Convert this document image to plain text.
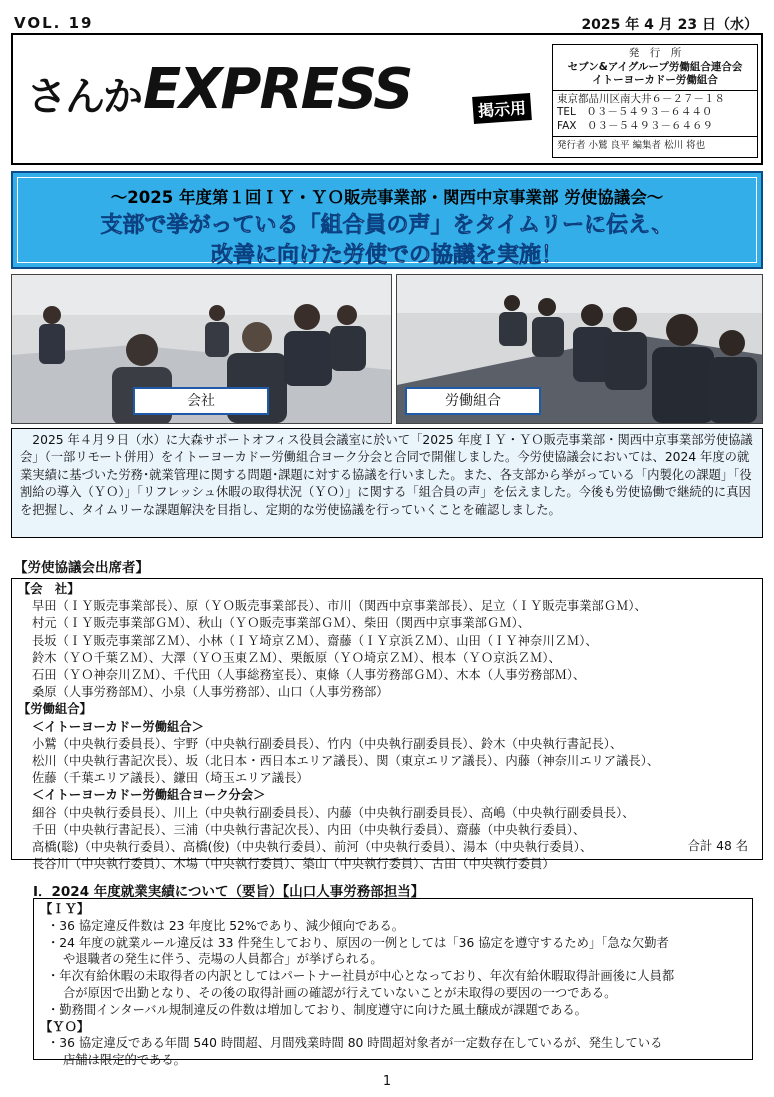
VOL. 19	2025 年 4 月 23 日（水）
さんか EXPRESS	掲示用
発　行　所
セブン&アイグループ労働組合連合会
イトーヨーカドー労働組合
東京都品川区南大井６－２７－１８
TEL　０３－５４９３－６４４０
FAX　０３－５４９３－６４６９
発行者 小鷲 良平 編集者 松川 将也
～2025 年度第１回ＩＹ・ＹＯ販売事業部・関西中京事業部 労使協議会～
支部で挙がっている「組合員の声」をタイムリーに伝え、
改善に向けた労使での協議を実施！
会社	労働組合
　2025 年４月９日（水）に大森サポートオフィス役員会議室に於いて「2025 年度ＩＹ・ＹＯ販売事業部・関西中京事業部労使協議会」（一部リモート併用）をイトーヨーカドー労働組合ヨーク分会と合同で開催しました。今労使協議会においては、2024 年度の就業実績に基づいた労務･就業管理に関する問題･課題に対する協議を行いました。また、各支部から挙がっている「内製化の課題」「役割給の導入（ＹＯ）」「リフレッシュ休暇の取得状況（ＹＯ）」に関する「組合員の声」を伝えました。今後も労使協働で継続的に真因を把握し、タイムリーな課題解決を目指し、定期的な労使協議を行っていくことを確認しました。
【労使協議会出席者】
【会　社】
早田（ＩＹ販売事業部長）、原（ＹＯ販売事業部長）、市川（関西中京事業部長）、足立（ＩＹ販売事業部ＧＭ）、
村元（ＩＹ販売事業部ＧＭ）、秋山（ＹＯ販売事業部ＧＭ）、柴田（関西中京事業部ＧＭ）、
長坂（ＩＹ販売事業部ＺＭ）、小林（ＩＹ埼京ＺＭ）、齋藤（ＩＹ京浜ＺＭ）、山田（ＩＹ神奈川ＺＭ）、
鈴木（ＹＯ千葉ＺＭ）、大澤（ＹＯ玉東ＺＭ）、栗飯原（ＹＯ埼京ＺＭ）、根本（ＹＯ京浜ＺＭ）、
石田（ＹＯ神奈川ＺＭ）、千代田（人事総務室長）、東條（人事労務部ＧＭ）、木本（人事労務部Ｍ）、
桑原（人事労務部Ｍ）、小泉（人事労務部）、山口（人事労務部）
【労働組合】
＜イトーヨーカドー労働組合＞
小鷲（中央執行委員長）、宇野（中央執行副委員長）、竹内（中央執行副委員長）、鈴木（中央執行書記長）、
松川（中央執行書記次長）、坂（北日本・西日本エリア議長）、関（東京エリア議長）、内藤（神奈川エリア議長）、
佐藤（千葉エリア議長）、鎌田（埼玉エリア議長）
＜イトーヨーカドー労働組合ヨーク分会＞
細谷（中央執行委員長）、川上（中央執行副委員長）、内藤（中央執行副委員長）、高嶋（中央執行副委員長）、
千田（中央執行書記長）、三浦（中央執行書記次長）、内田（中央執行委員）、齋藤（中央執行委員）、
高橋(聡)（中央執行委員）、高橋(俊)（中央執行委員）、前河（中央執行委員）、湯本（中央執行委員）、
長谷川（中央執行委員）、木場（中央執行委員）、築山（中央執行委員）、古田（中央執行委員）
合計 48 名
Ⅰ．2024 年度就業実績について（要旨）【山口人事労務部担当】
【ＩＹ】
・36 協定違反件数は 23 年度比 52%であり、減少傾向である。
・24 年度の就業ルール違反は 33 件発生しており、原因の一例としては「36 協定を遵守するため」「急な欠勤者
や退職者の発生に伴う、売場の人員都合」が挙げられる。
・年次有給休暇の未取得者の内訳としてはパートナー社員が中心となっており、年次有給休暇取得計画後に人員都
合が原因で出勤となり、その後の取得計画の確認が行えていないことが未取得の要因の一つである。
・勤務間インターバル規制違反の件数は増加しており、制度遵守に向けた風土醸成が課題である。
【ＹＯ】
・36 協定違反である年間 540 時間超、月間残業時間 80 時間超対象者が一定数存在しているが、発生している
店舗は限定的である。
1
